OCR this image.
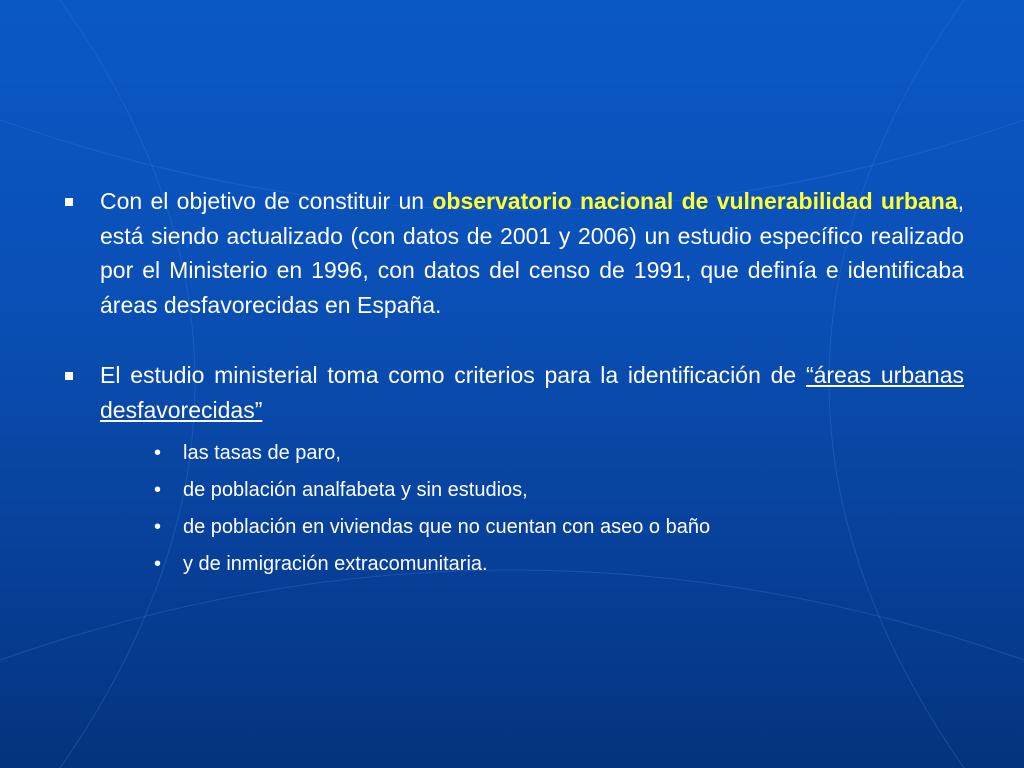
Con el objetivo de constituir un observatorio nacional de vulnerabilidad urbana, está siendo actualizado (con datos de 2001 y 2006) un estudio específico realizado por el Ministerio en 1996, con datos del censo de 1991, que definía e identificaba áreas desfavorecidas en España.
El estudio ministerial toma como criterios para la identificación de “áreas urbanas desfavorecidas”
• las tasas de paro,
• de población analfabeta y sin estudios,
• de población en viviendas que no cuentan con aseo o baño
• y de inmigración extracomunitaria.
